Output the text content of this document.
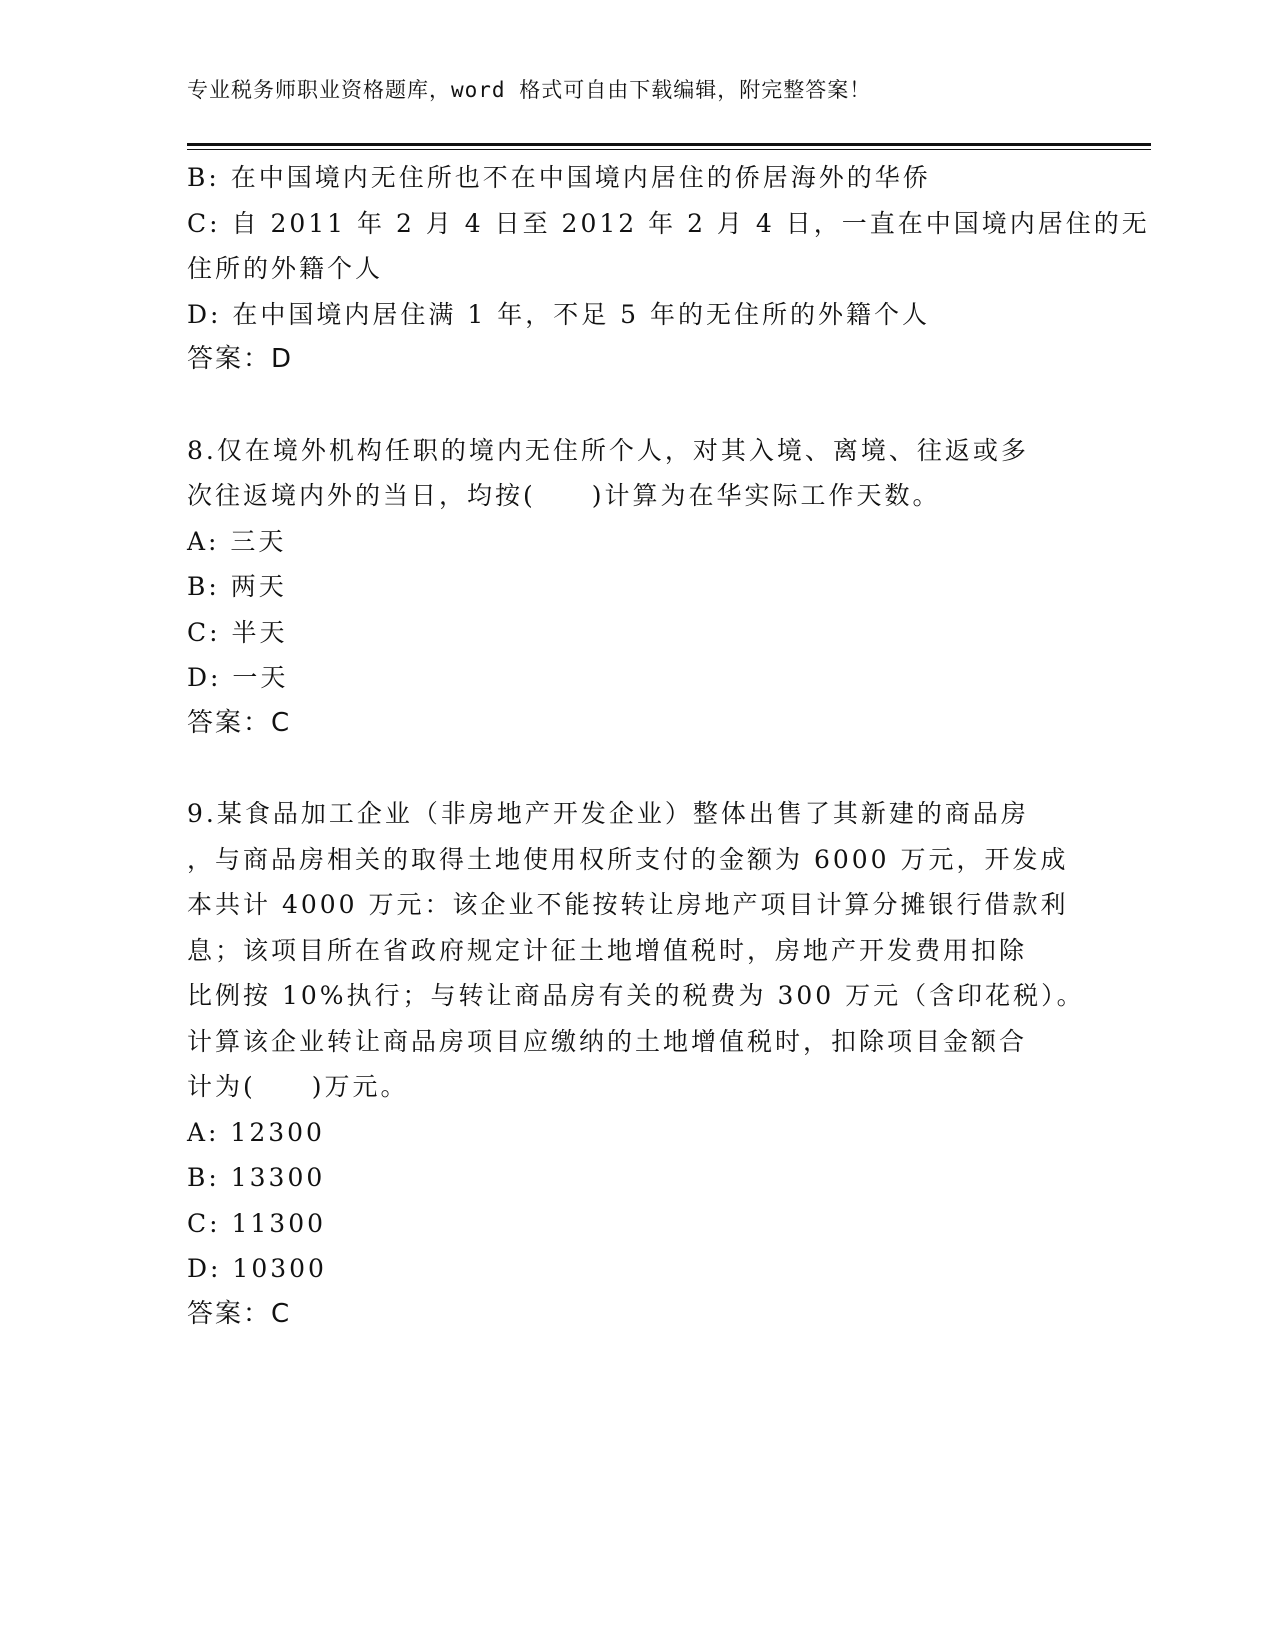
专业税务师职业资格题库，word 格式可自由下载编辑，附完整答案！
B: 在中国境内无住所也不在中国境内居住的侨居海外的华侨
C: 自 2011 年 2 月 4 日至 2012 年 2 月 4 日，一直在中国境内居住的无
住所的外籍个人
D: 在中国境内居住满 1 年，不足 5 年的无住所的外籍个人
答案：D
8.仅在境外机构任职的境内无住所个人，对其入境、离境、往返或多
次往返境内外的当日，均按(　　)计算为在华实际工作天数。
A: 三天
B: 两天
C: 半天
D: 一天
答案：C
9.某食品加工企业（非房地产开发企业）整体出售了其新建的商品房
，与商品房相关的取得土地使用权所支付的金额为 6000 万元，开发成
本共计 4000 万元：该企业不能按转让房地产项目计算分摊银行借款利
息；该项目所在省政府规定计征土地增值税时，房地产开发费用扣除
比例按 10%执行；与转让商品房有关的税费为 300 万元（含印花税）。
计算该企业转让商品房项目应缴纳的土地增值税时，扣除项目金额合
计为(　　)万元。
A: 12300
B: 13300
C: 11300
D: 10300
答案：C
